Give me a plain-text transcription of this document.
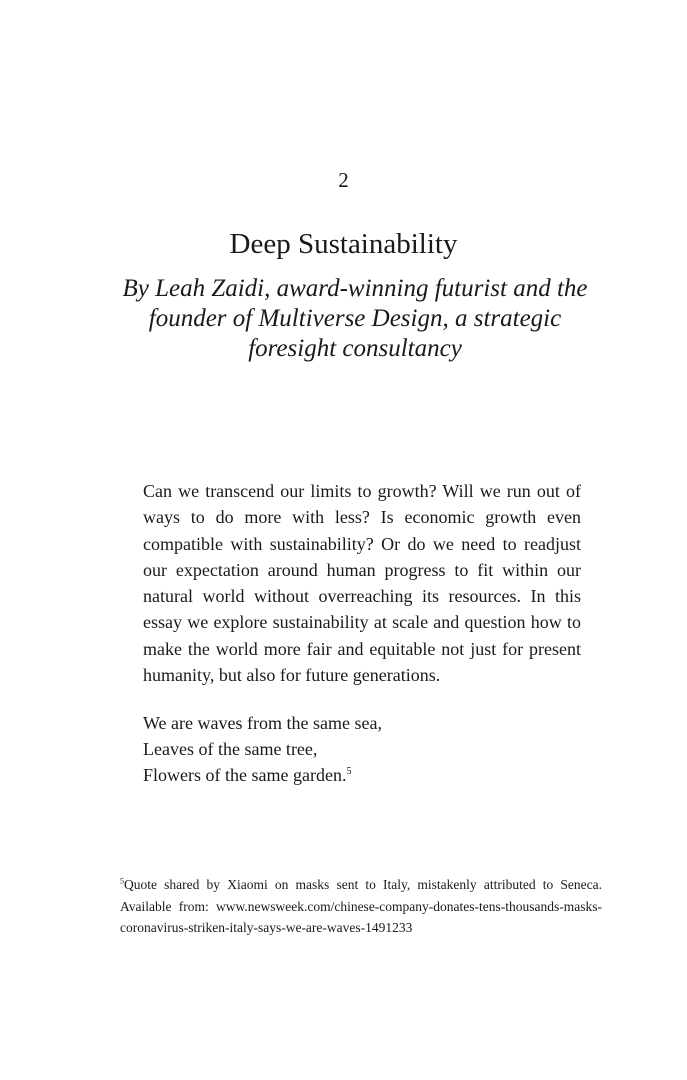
2
Deep Sustainability
By Leah Zaidi, award-winning futurist and the founder of Multiverse Design, a strategic foresight consultancy

Can we transcend our limits to growth? Will we run out of ways to do more with less? Is economic growth even compatible with sustainability? Or do we need to readjust our expectation around human progress to fit within our natural world without overreaching its resources. In this essay we explore sustainability at scale and question how to make the world more fair and equitable not just for present humanity, but also for future generations.

We are waves from the same sea,
Leaves of the same tree,
Flowers of the same garden.$^5$
$^5$Quote shared by Xiaomi on masks sent to Italy, mistakenly attributed to Seneca. Available from: www.newsweek.com/chinese-company-donates-tens-thousands-masks-coronavirus-striken-italy-says-we-are-waves-1491233
